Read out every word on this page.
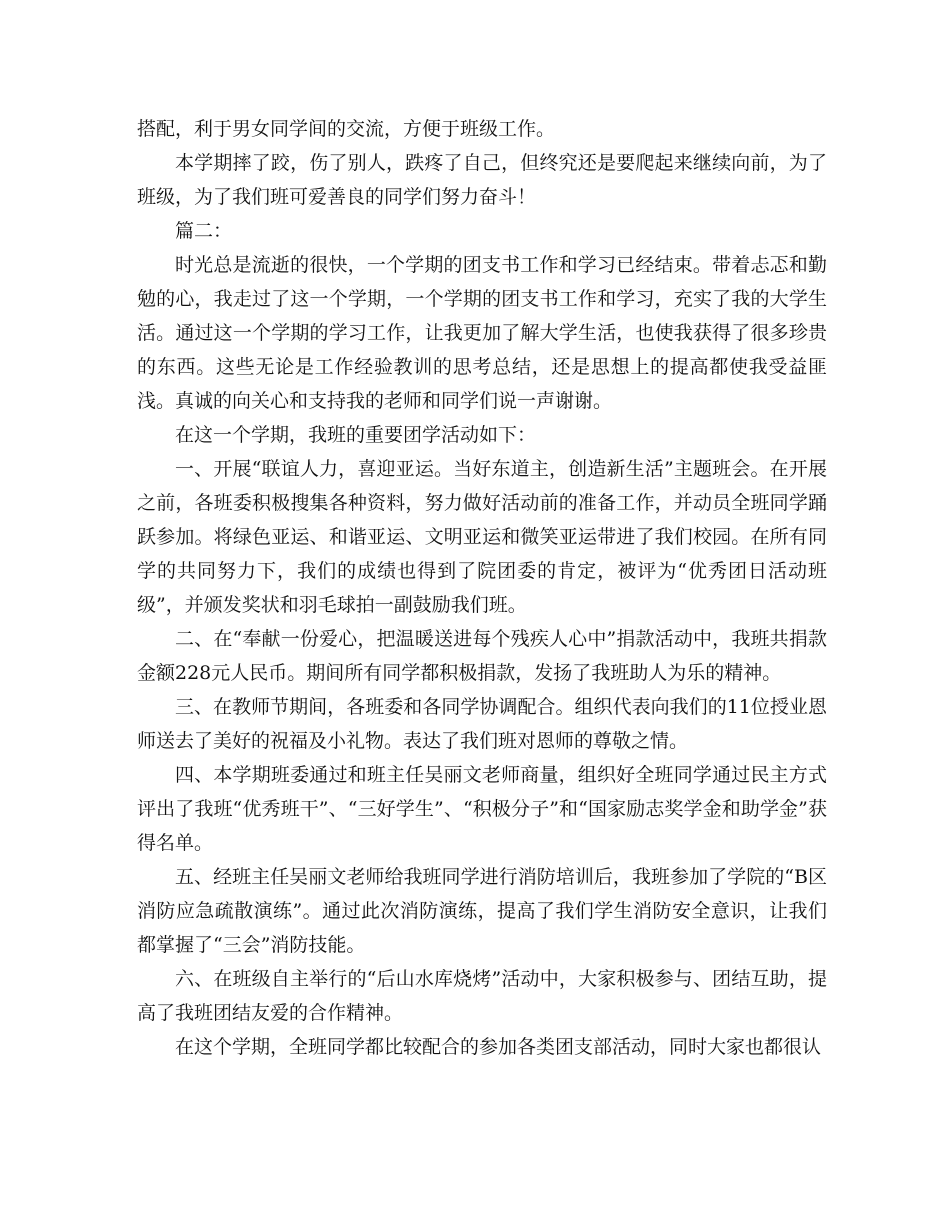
搭配，利于男女同学间的交流，方便于班级工作。

本学期摔了跤，伤了别人，跌疼了自己，但终究还是要爬起来继续向前，为了班级，为了我们班可爱善良的同学们努力奋斗！

篇二：

时光总是流逝的很快，一个学期的团支书工作和学习已经结束。带着忐忑和勤勉的心，我走过了这一个学期，一个学期的团支书工作和学习，充实了我的大学生活。通过这一个学期的学习工作，让我更加了解大学生活，也使我获得了很多珍贵的东西。这些无论是工作经验教训的思考总结，还是思想上的提高都使我受益匪浅。真诚的向关心和支持我的老师和同学们说一声谢谢。

在这一个学期，我班的重要团学活动如下：

一、开展“联谊人力，喜迎亚运。当好东道主，创造新生活”主题班会。在开展之前，各班委积极搜集各种资料，努力做好活动前的准备工作，并动员全班同学踊跃参加。将绿色亚运、和谐亚运、文明亚运和微笑亚运带进了我们校园。在所有同学的共同努力下，我们的成绩也得到了院团委的肯定，被评为“优秀团日活动班级”，并颁发奖状和羽毛球拍一副鼓励我们班。

二、在“奉献一份爱心，把温暖送进每个残疾人心中”捐款活动中，我班共捐款金额228元人民币。期间所有同学都积极捐款，发扬了我班助人为乐的精神。

三、在教师节期间，各班委和各同学协调配合。组织代表向我们的11位授业恩师送去了美好的祝福及小礼物。表达了我们班对恩师的尊敬之情。

四、本学期班委通过和班主任吴丽文老师商量，组织好全班同学通过民主方式评出了我班“优秀班干”、“三好学生”、“积极分子”和“国家励志奖学金和助学金”获得名单。

五、经班主任吴丽文老师给我班同学进行消防培训后，我班参加了学院的“B区消防应急疏散演练”。通过此次消防演练，提高了我们学生消防安全意识，让我们都掌握了“三会”消防技能。

六、在班级自主举行的“后山水库烧烤”活动中，大家积极参与、团结互助，提高了我班团结友爱的合作精神。

在这个学期，全班同学都比较配合的参加各类团支部活动，同时大家也都很认
